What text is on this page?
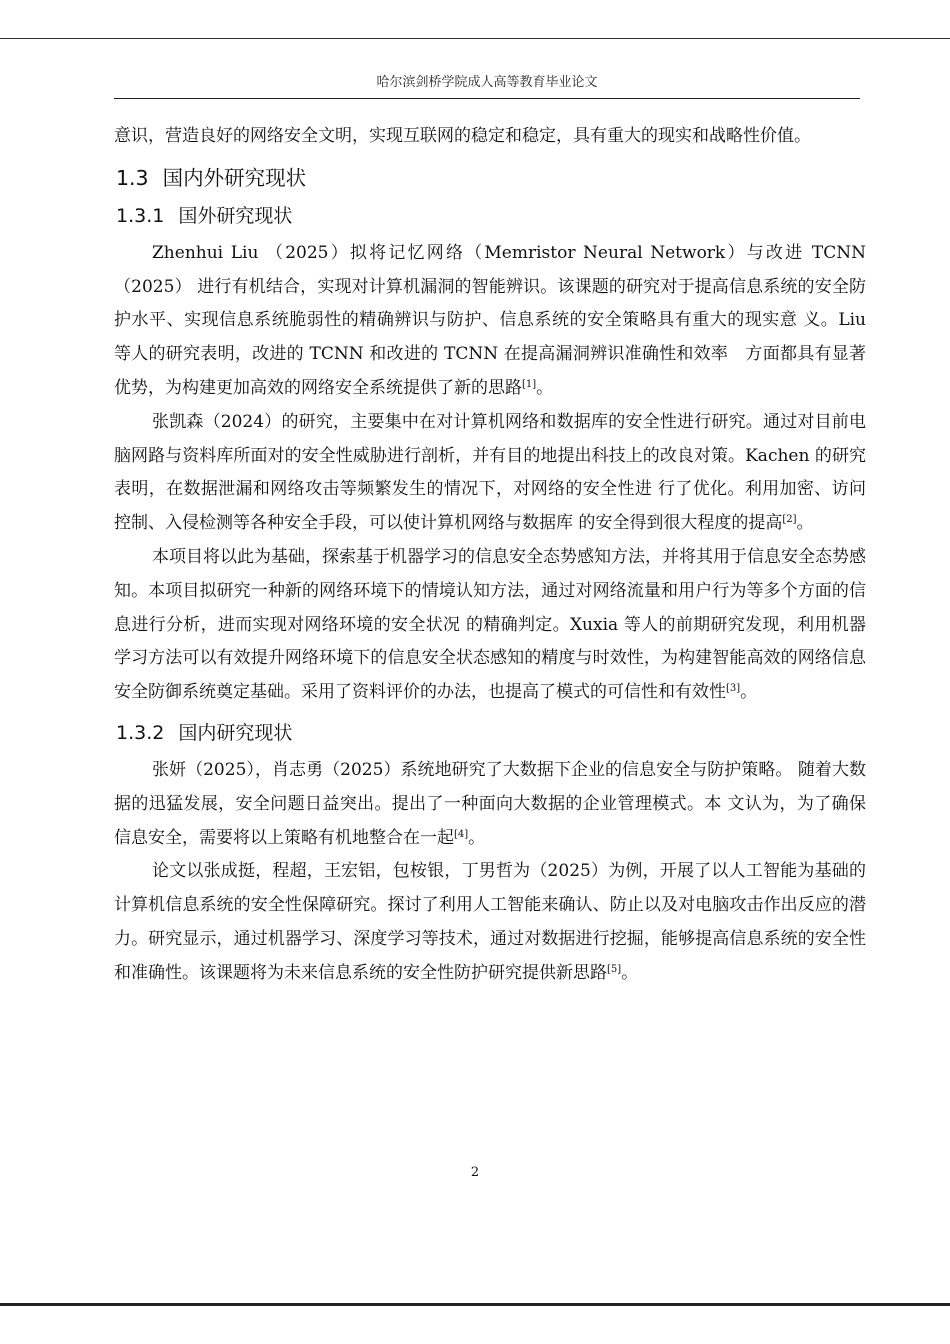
哈尔滨剑桥学院成人高等教育毕业论文

意识，营造良好的网络安全文明，实现互联网的稳定和稳定，具有重大的现实和战略性价值。

1.3 国内外研究现状
1.3.1 国外研究现状

Zhenhui Liu （2025）拟将记忆网络（Memristor Neural Network）与改进 TCNN（2025） 进行有机结合，实现对计算机漏洞的智能辨识。该课题的研究对于提高信息系统的安全防 护水平、实现信息系统脆弱性的精确辨识与防护、信息系统的安全策略具有重大的现实意 义。Liu 等人的研究表明，改进的 TCNN 和改进的 TCNN 在提高漏洞辨识准确性和效率　方面都具有显著优势，为构建更加高效的网络安全系统提供了新的思路[1]。

张凯森（2024）的研究，主要集中在对计算机网络和数据库的安全性进行研究。通过对目前电脑网路与资料库所面对的安全性威胁进行剖析，并有目的地提出科技上的改良对策。Kachen 的研究表明，在数据泄漏和网络攻击等频繁发生的情况下，对网络的安全性进 行了优化。利用加密、访问控制、入侵检测等各种安全手段，可以使计算机网络与数据库 的安全得到很大程度的提高[2]。

本项目将以此为基础，探索基于机器学习的信息安全态势感知方法，并将其用于信息安全态势感知。本项目拟研究一种新的网络环境下的情境认知方法，通过对网络流量和用户行为等多个方面的信息进行分析，进而实现对网络环境的安全状况 的精确判定。Xuxia 等人的前期研究发现，利用机器学习方法可以有效提升网络环境下的信息安全状态感知的精度与时效性，为构建智能高效的网络信息安全防御系统奠定基础。采用了资料评价的办法，也提高了模式的可信性和有效性[3]。

1.3.2 国内研究现状

张妍（2025），肖志勇（2025）系统地研究了大数据下企业的信息安全与防护策略。 随着大数据的迅猛发展，安全问题日益突出。提出了一种面向大数据的企业管理模式。本 文认为，为了确保信息安全，需要将以上策略有机地整合在一起[4]。

论文以张成挺，程超，王宏铝，包桉银，丁男哲为（2025）为例，开展了以人工智能为基础的计算机信息系统的安全性保障研究。探讨了利用人工智能来确认、防止以及对电脑攻击作出反应的潜力。研究显示，通过机器学习、深度学习等技术，通过对数据进行挖掘，能够提高信息系统的安全性和准确性。该课题将为未来信息系统的安全性防护研究提供新思路[5]。

2
